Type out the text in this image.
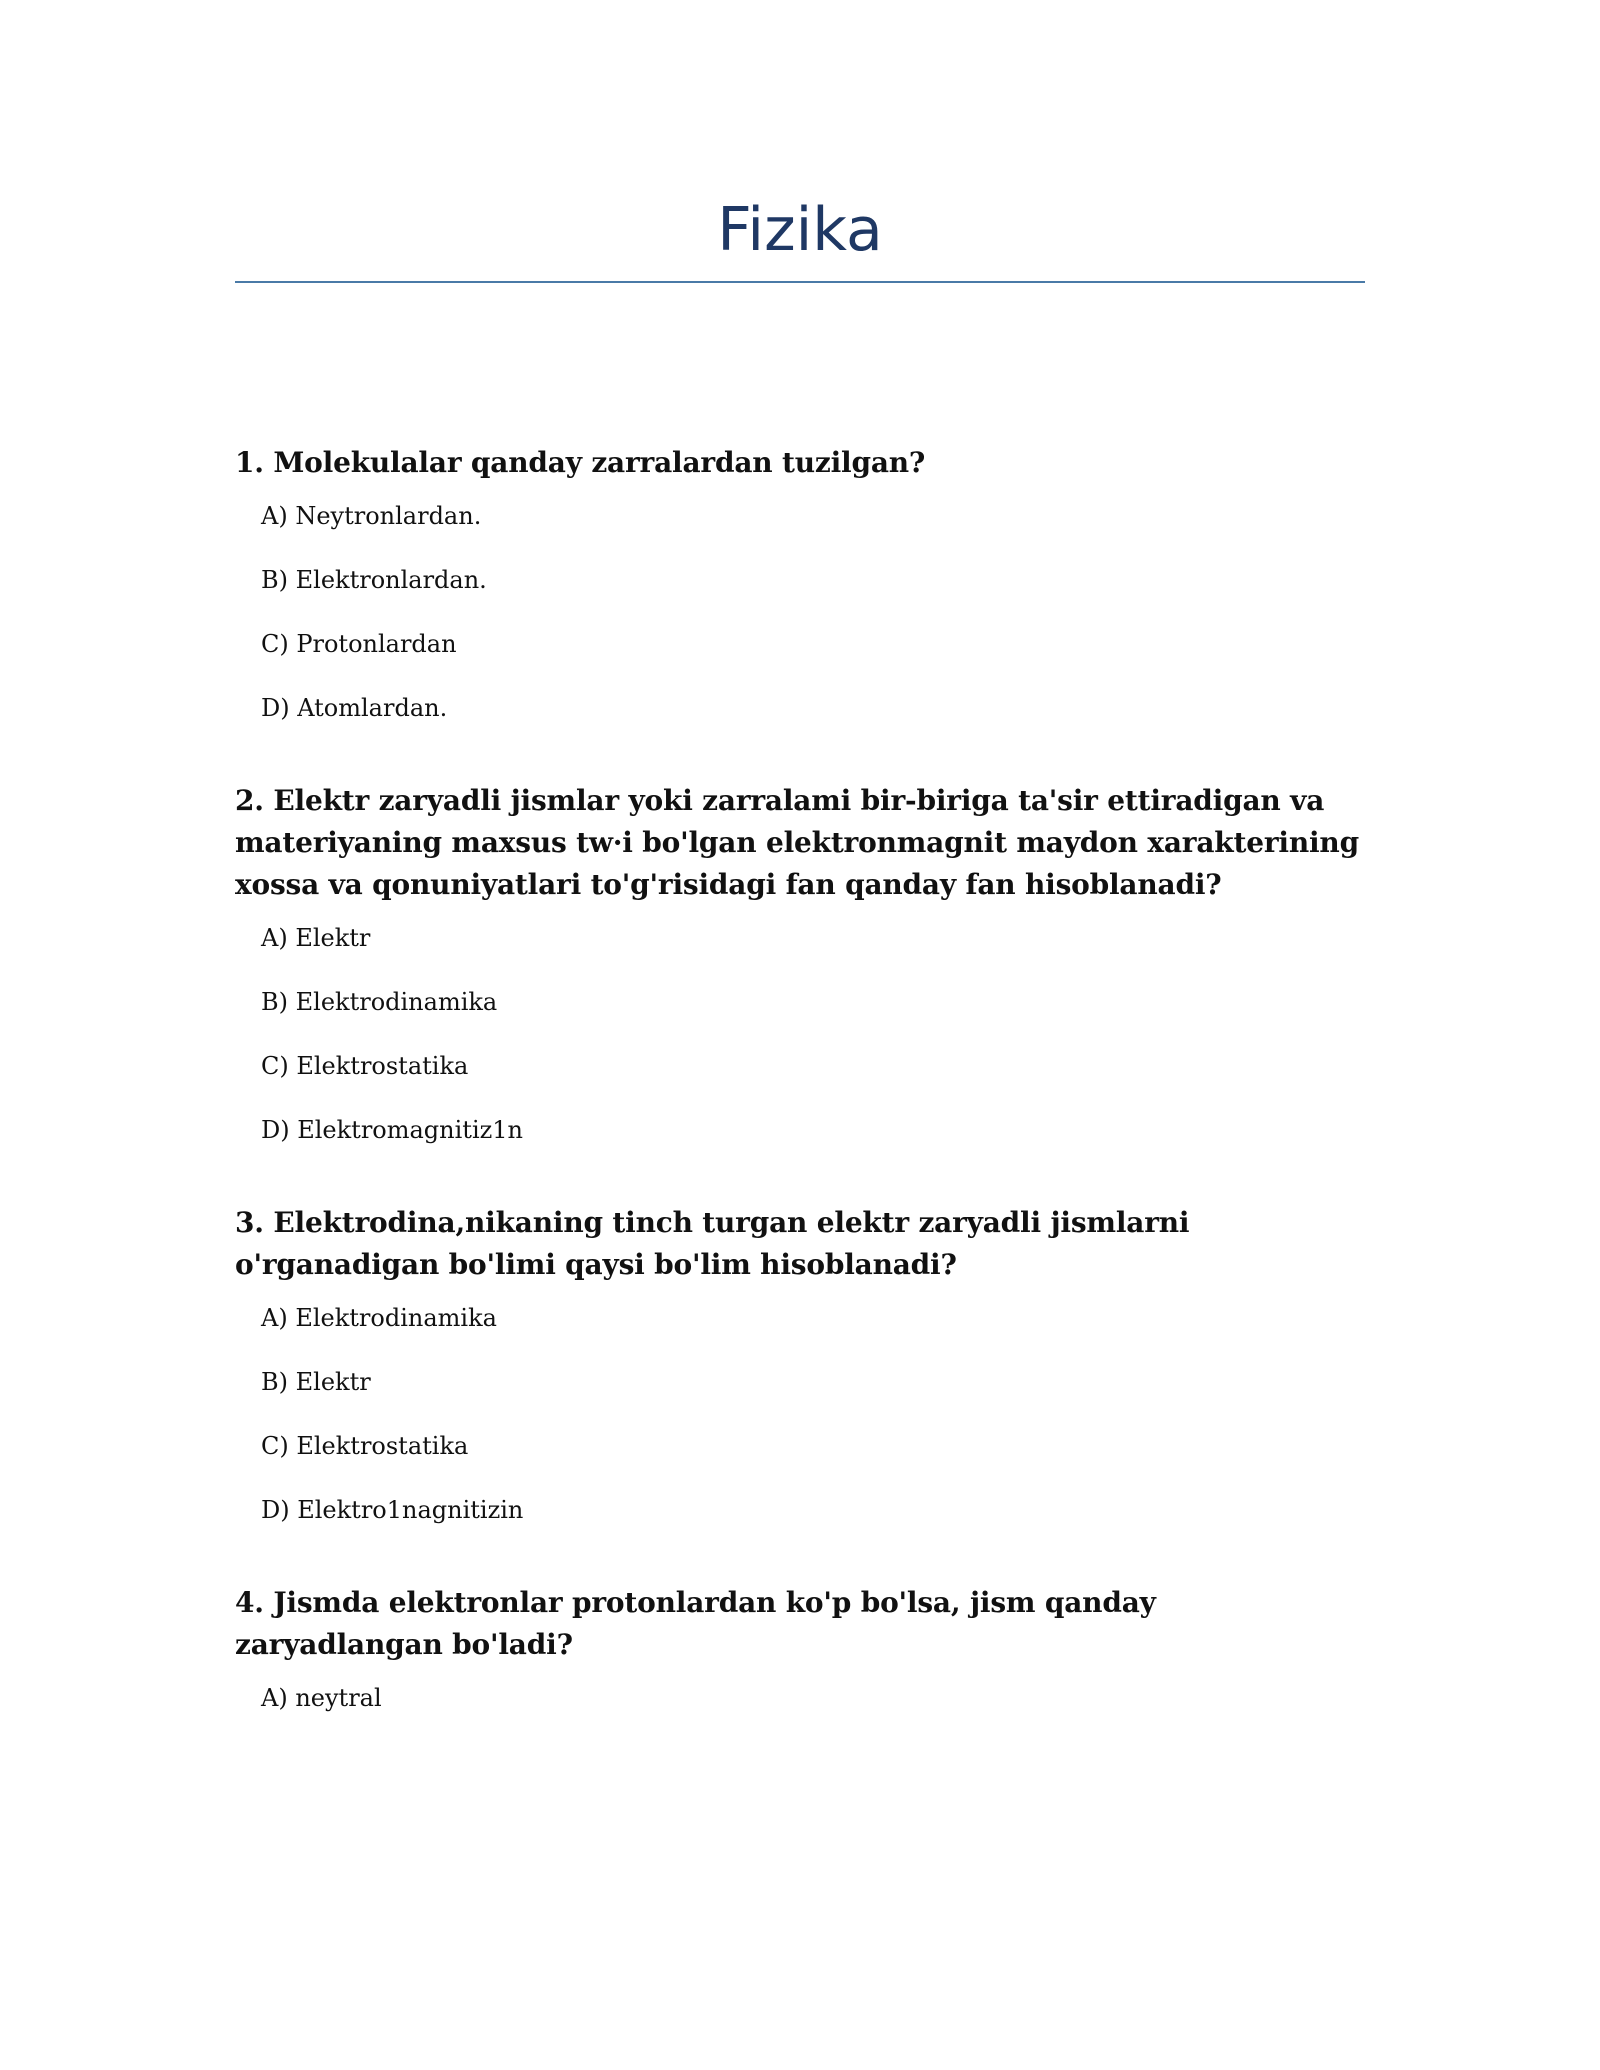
Fizika

1. Molekulalar qanday zarralardan tuzilgan?

A) Neytronlardan.
B) Elektronlardan.
C) Protonlardan
D) Atomlardan.

2. Elektr zaryadli jismlar yoki zarralami bir-biriga ta'sir ettiradigan va materiyaning maxsus tw·i bo'lgan elektronmagnit maydon xarakterining xossa va qonuniyatlari to'g'risidagi fan qanday fan hisoblanadi?

A) Elektr
B) Elektrodinamika
C) Elektrostatika
D) Elektromagnitiz1n

3. Elektrodina,nikaning tinch turgan elektr zaryadli jismlarni o'rganadigan bo'limi qaysi bo'lim hisoblanadi?

A) Elektrodinamika
B) Elektr
C) Elektrostatika
D) Elektro1nagnitizin

4. Jismda elektronlar protonlardan ko'p bo'lsa, jism qanday zaryadlangan bo'ladi?

A) neytral
